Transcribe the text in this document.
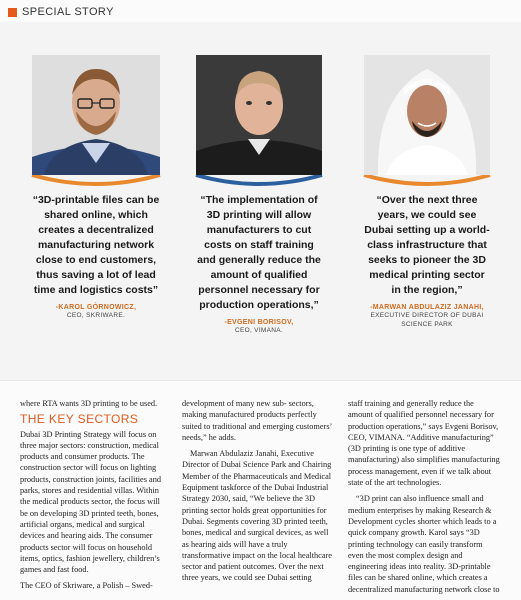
SPECIAL STORY
“3D-printable files can be shared online, which creates a decentralized manufacturing network close to end customers, thus saving a lot of lead time and logistics costs”
-KAROL GÓRNOWICZ,
CEO, SKRIWARE.
“The implementation of 3D printing will allow manufacturers to cut costs on staff training and generally reduce the amount of qualified personnel necessary for production operations,”
-EVGENI BORISOV,
CEO, VIMANA.
“Over the next three years, we could see Dubai setting up a world-class infrastructure that seeks to pioneer the 3D medical printing sector in the region,”
-MARWAN ABDULAZIZ JANAHI,
EXECUTIVE DIRECTOR OF DUBAI SCIENCE PARK

where RTA wants 3D printing to be used.

THE KEY SECTORS

Dubai 3D Printing Strategy will focus on three major sectors: construction, medical products and consumer products. The construction sector will focus on lighting products, construction joints, facilities and parks, stores and residential villas. Within the medical products sector, the focus will be on developing 3D printed teeth, bones, artificial organs, medical and surgical devices and hearing aids. The consumer products sector will focus on household items, optics, fashion jewellery, children’s games and fast food.

The CEO of Skriware, a Polish – Swed-

development of many new sub- sectors, making manufactured products perfectly suited to traditional and emerging customers’ needs,” he adds.

Marwan Abdulaziz Janahi, Executive Director of Dubai Science Park and Chairing Member of the Pharmaceuticals and Medical Equipment taskforce of the Dubai Industrial Strategy 2030, said, “We believe the 3D printing sector holds great opportunities for Dubai. Segments covering 3D printed teeth, bones, medical and surgical devices, as well as hearing aids will have a truly transformative impact on the local healthcare sector and patient outcomes. Over the next three years, we could see Dubai setting

staff training and generally reduce the amount of qualified personnel necessary for production operations,” says Evgeni Borisov, CEO, VIMANA. “Additive manufacturing” (3D printing is one type of additive manufacturing) also simplifies manufacturing process management, even if we talk about state of the art technologies.

“3D print can also influence small and medium enterprises by making Research & Development cycles shorter which leads to a quick company growth. Karol says “3D printing technology can easily transform even the most complex design and engineering ideas into reality. 3D-printable files can be shared online, which creates a decentralized manufacturing network close to
